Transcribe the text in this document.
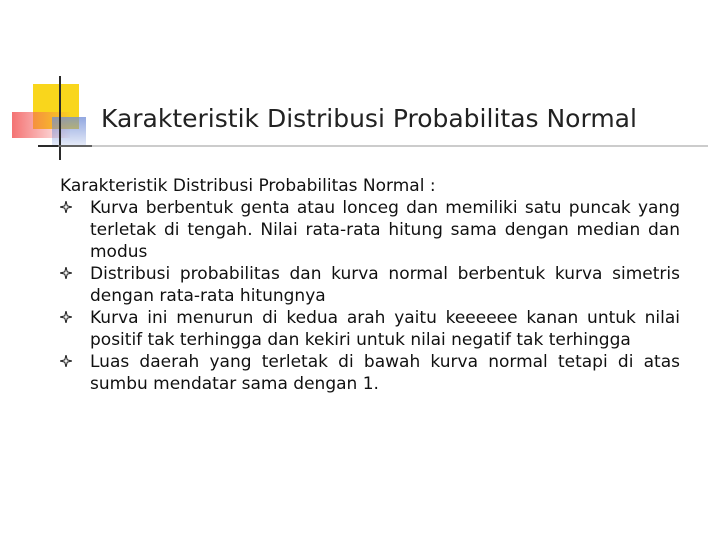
Karakteristik Distribusi Probabilitas Normal
Karakteristik Distribusi Probabilitas Normal :
Kurva berbentuk genta atau lonceg dan memiliki satu puncak yang terletak di tengah. Nilai rata-rata hitung sama dengan median dan modus
Distribusi probabilitas dan kurva normal berbentuk kurva simetris dengan rata-rata hitungnya
Kurva ini menurun di kedua arah yaitu keeeeee kanan untuk nilai positif tak terhingga dan kekiri untuk nilai negatif tak terhingga
Luas daerah yang terletak di bawah kurva normal tetapi di atas sumbu mendatar sama dengan 1.
